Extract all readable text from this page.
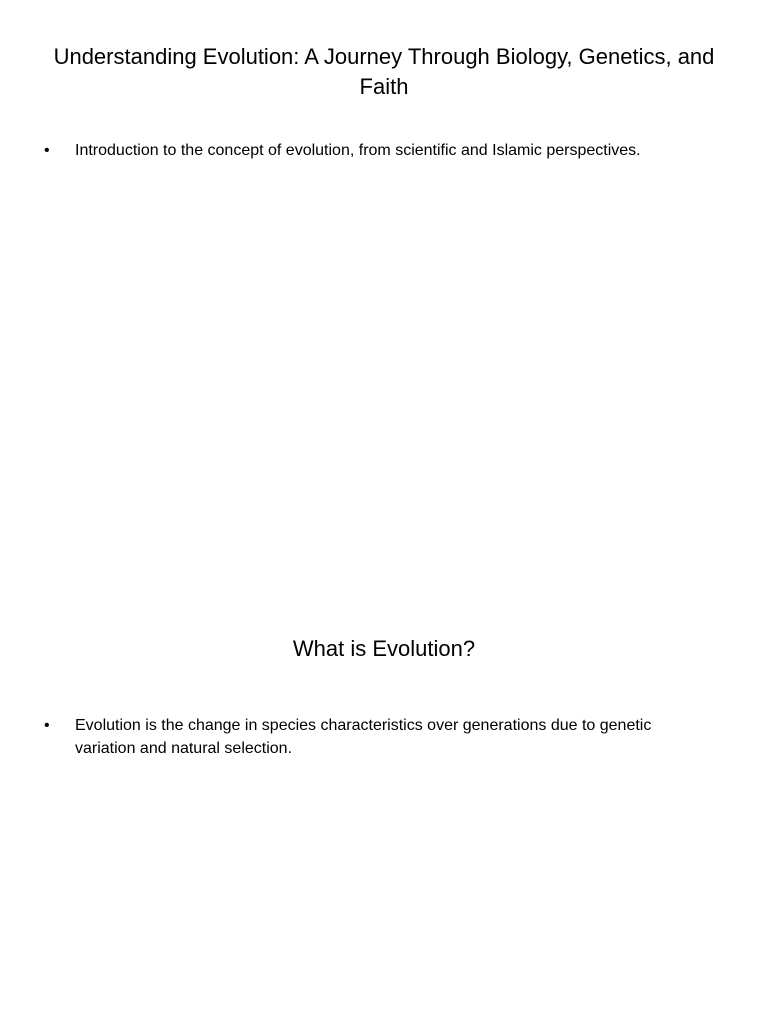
Understanding Evolution: A Journey Through Biology, Genetics, and Faith
• Introduction to the concept of evolution, from scientific and Islamic perspectives.
What is Evolution?
• Evolution is the change in species characteristics over generations due to genetic variation and natural selection.
